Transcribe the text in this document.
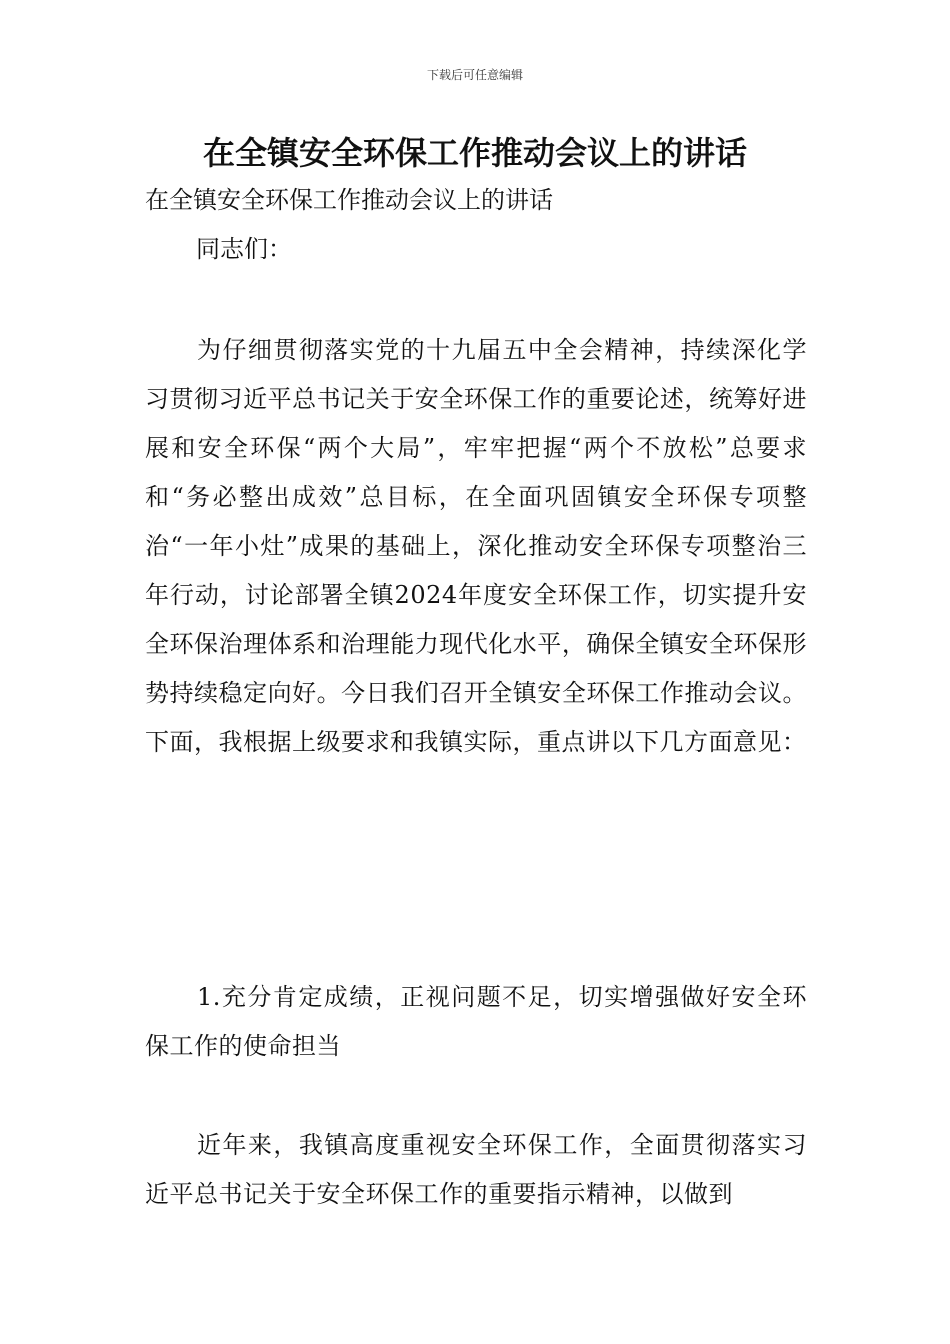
下载后可任意编辑
在全镇安全环保工作推动会议上的讲话
在全镇安全环保工作推动会议上的讲话
同志们：
为仔细贯彻落实党的十九届五中全会精神，持续深化学习贯彻习近平总书记关于安全环保工作的重要论述，统筹好进展和安全环保“两个大局”，牢牢把握“两个不放松”总要求和“务必整出成效”总目标，在全面巩固镇安全环保专项整治“一年小灶”成果的基础上，深化推动安全环保专项整治三年行动，讨论部署全镇2024年度安全环保工作，切实提升安全环保治理体系和治理能力现代化水平，确保全镇安全环保形势持续稳定向好。今日我们召开全镇安全环保工作推动会议。下面，我根据上级要求和我镇实际，重点讲以下几方面意见：
1.充分肯定成绩，正视问题不足，切实增强做好安全环保工作的使命担当
近年来，我镇高度重视安全环保工作，全面贯彻落实习近平总书记关于安全环保工作的重要指示精神，以做到
